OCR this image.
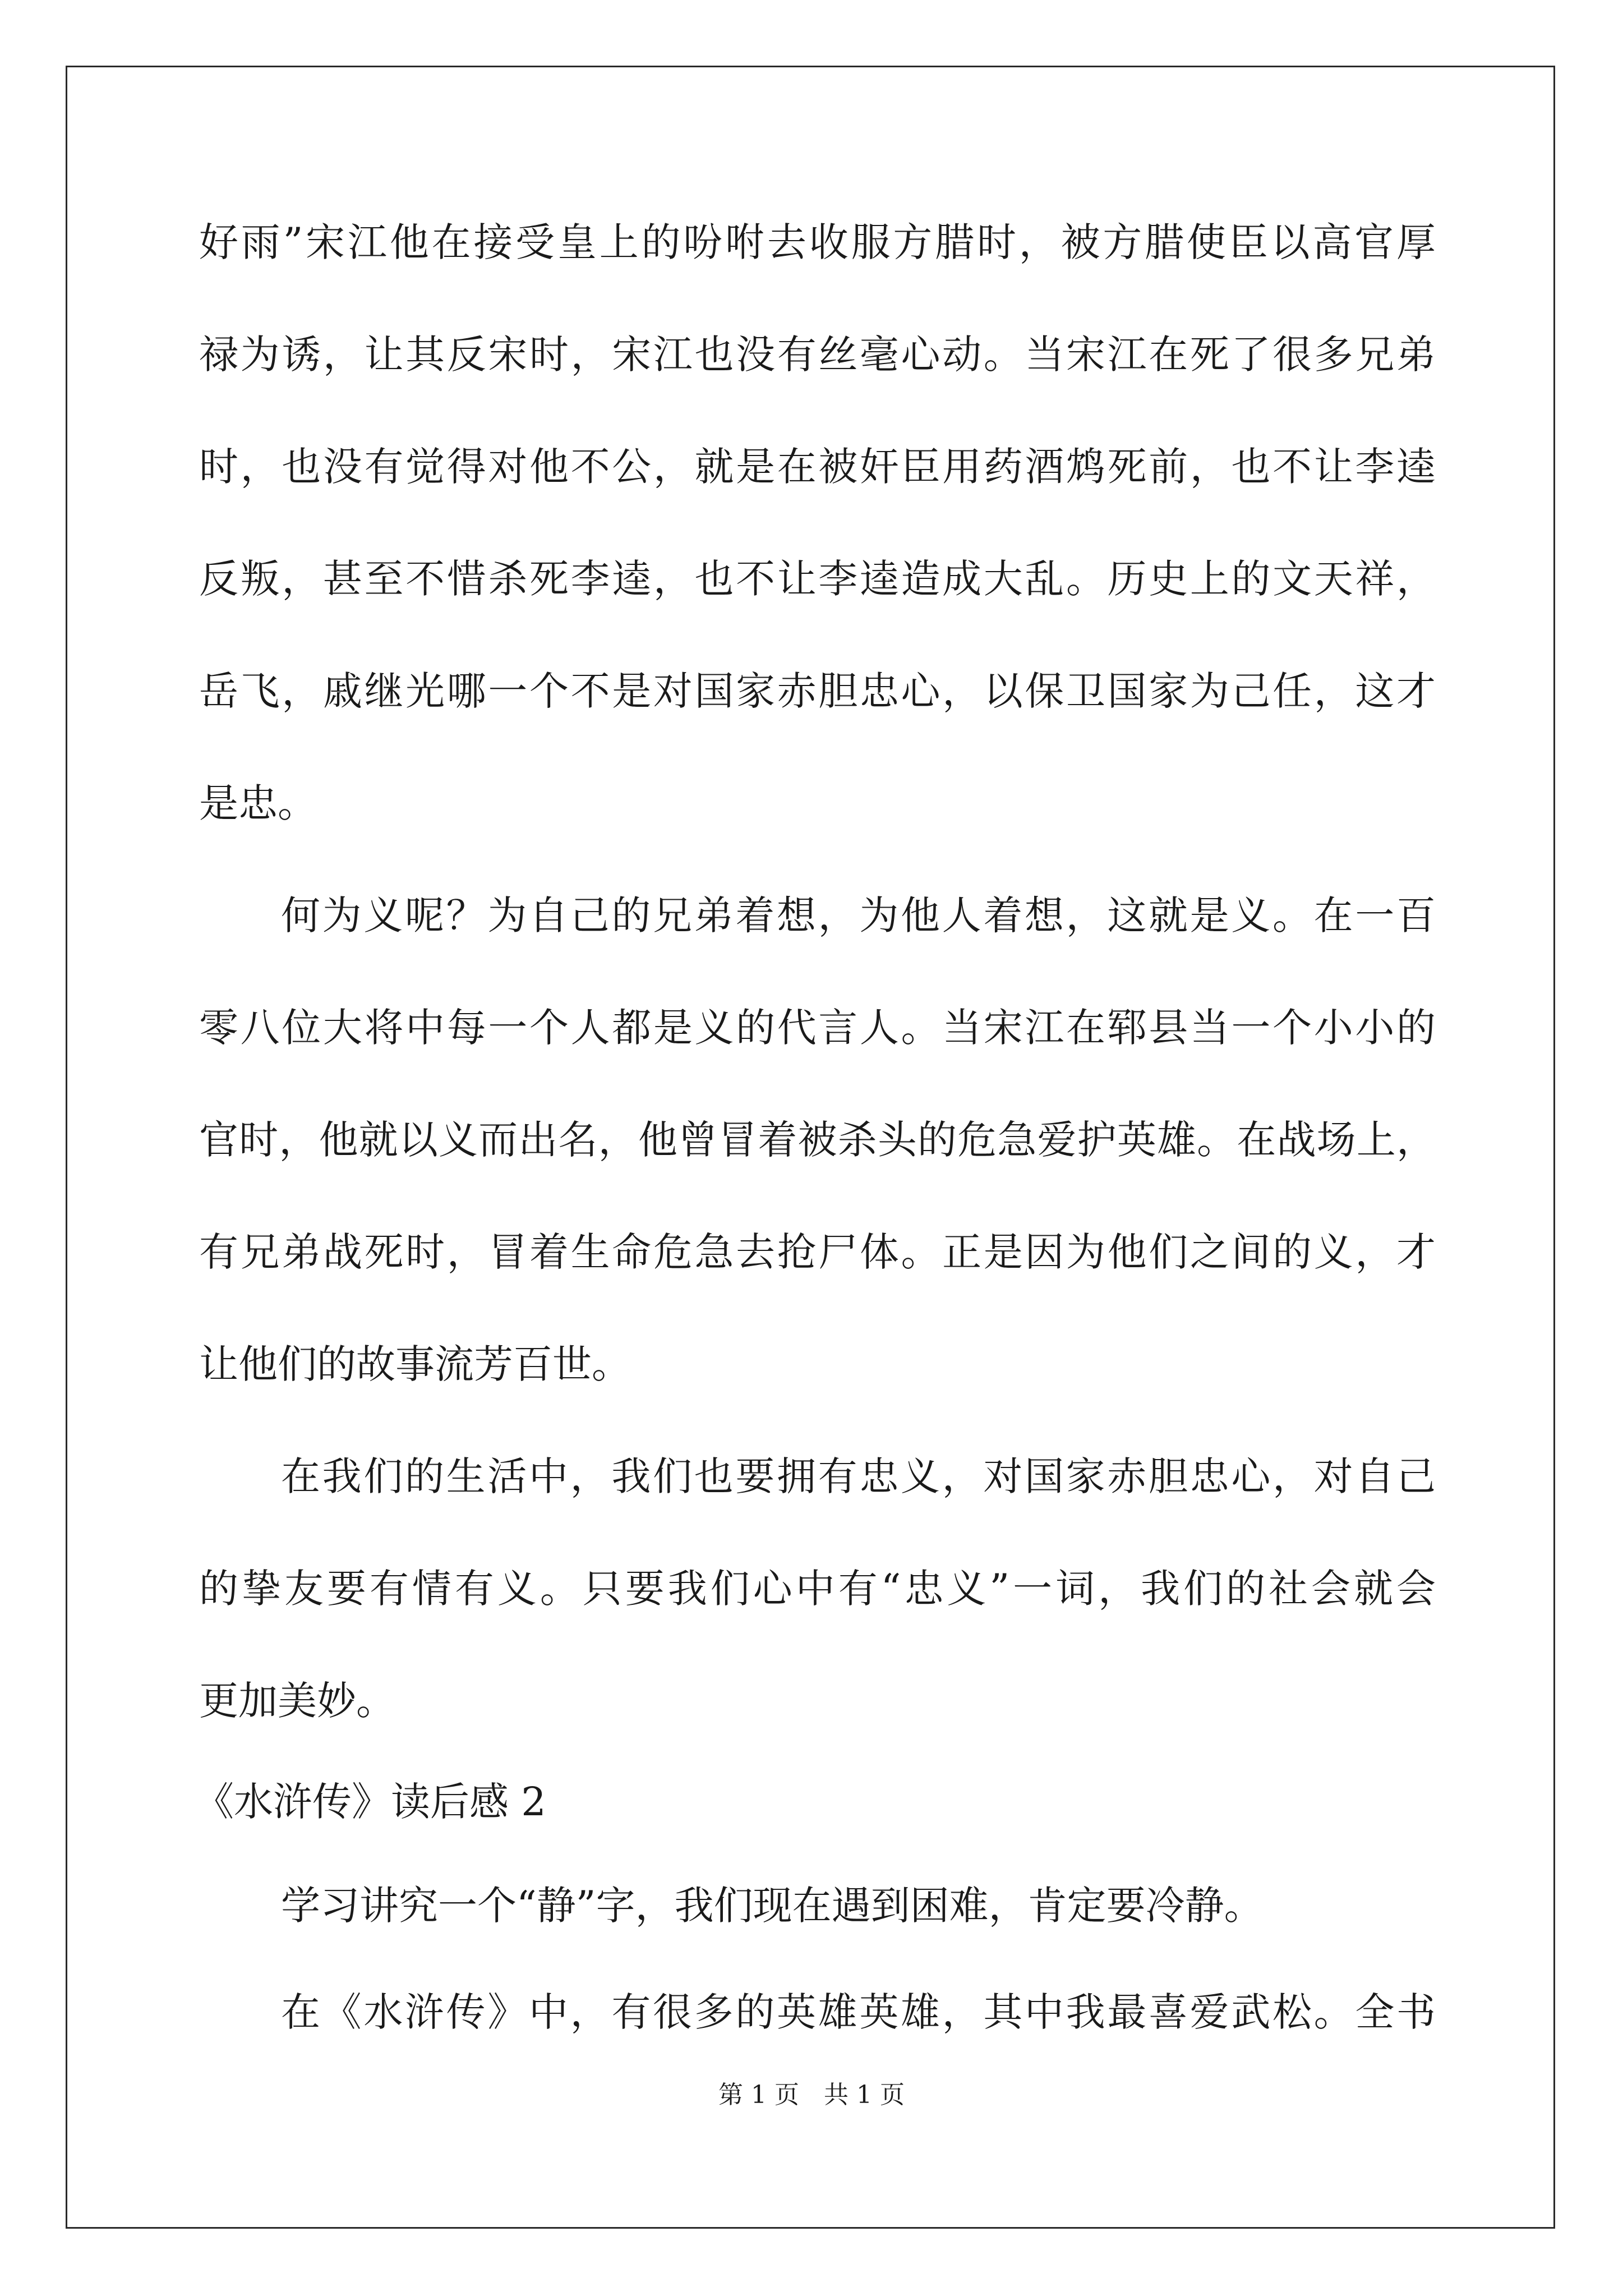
好雨”宋江他在接受皇上的吩咐去收服方腊时，被方腊使臣以高官厚
禄为诱，让其反宋时，宋江也没有丝毫心动。当宋江在死了很多兄弟
时，也没有觉得对他不公，就是在被奸臣用药酒鸩死前，也不让李逵
反叛，甚至不惜杀死李逵，也不让李逵造成大乱。历史上的文天祥，
岳飞，戚继光哪一个不是对国家赤胆忠心，以保卫国家为己任，这才
是忠。
何为义呢？为自己的兄弟着想，为他人着想，这就是义。在一百
零八位大将中每一个人都是义的代言人。当宋江在郓县当一个小小的
官时，他就以义而出名，他曾冒着被杀头的危急爱护英雄。在战场上，
有兄弟战死时，冒着生命危急去抢尸体。正是因为他们之间的义，才
让他们的故事流芳百世。
在我们的生活中，我们也要拥有忠义，对国家赤胆忠心，对自己
的挚友要有情有义。只要我们心中有“忠义”一词，我们的社会就会
更加美妙。
《水浒传》读后感 2
学习讲究一个“静”字，我们现在遇到困难，肯定要冷静。
在《水浒传》中，有很多的英雄英雄，其中我最喜爱武松。全书
第 1 页　共 1 页
